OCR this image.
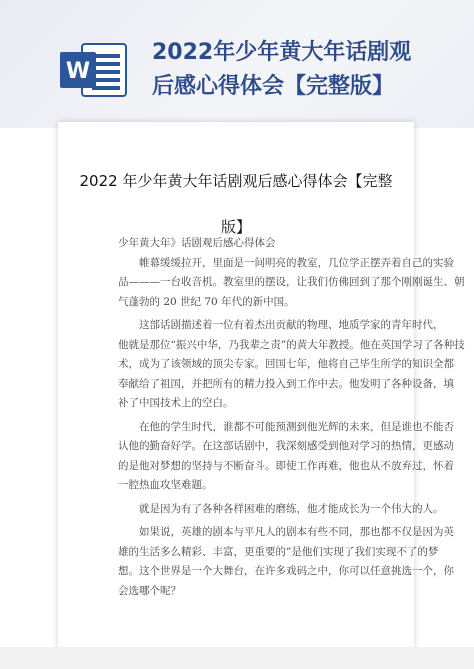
W
2022年少年黄大年话剧观
后感心得体会【完整版】
2022 年少年黄大年话剧观后感心得体会【完整
版】

少年黄大年》话剧观后感心得体会

帷幕缓缓拉开，里面是一间明亮的教室，几位学正摆弄着自己的实验
品———一台收音机。教室里的摆设，让我们仿佛回到了那个刚刚诞生、朝
气蓬勃的 20 世纪 70 年代的新中国。

这部话剧描述着一位有着杰出贡献的物理、地质学家的青年时代，
他就是那位“振兴中华，乃我辈之责”的黄大年教授。他在英国学习了各种技
术，成为了该领域的顶尖专家。回国七年，他将自己毕生所学的知识全都
奉献给了祖国，并把所有的精力投入到工作中去。他发明了各种设备，填
补了中国技术上的空白。

在他的学生时代，谁都不可能预测到他光辉的未来，但是谁也不能否
认他的勤奋好学。在这部话剧中，我深刻感受到他对学习的热情，更感动
的是他对梦想的坚持与不断奋斗。即使工作再难，他也从不放弃过，怀着
一腔热血攻坚难题。

就是因为有了各种各样困难的磨练，他才能成长为一个伟大的人。

如果说，英雄的剧本与平凡人的剧本有些不同，那也都不仅是因为英
雄的生活多么精彩、丰富，更重要的”是他们实现了我们实现不了的梦
想。这个世界是一个大舞台，在许多戏码之中，你可以任意挑选一个，你
会选哪个呢？
